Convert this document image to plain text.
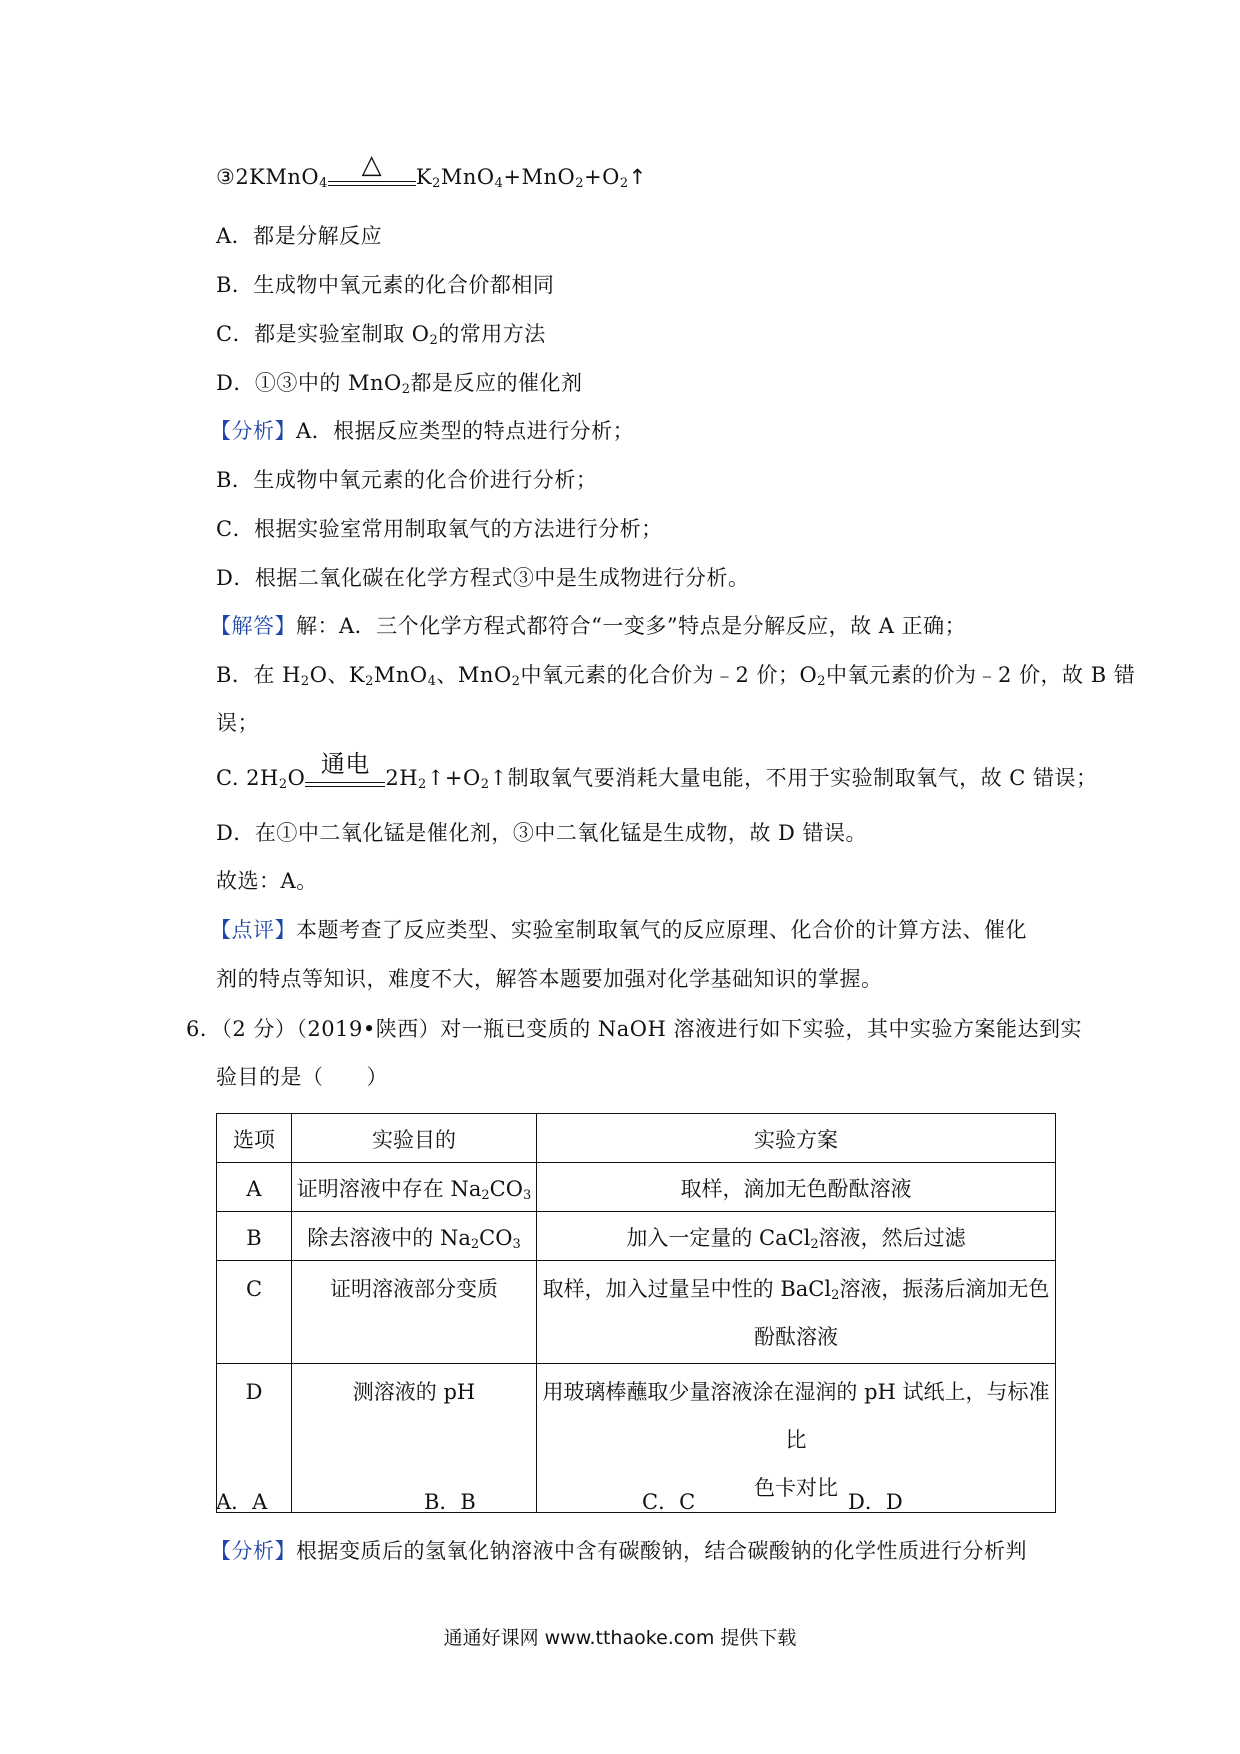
③2KMnO$_4$
△	$K_2MnO_4+MnO_2+O_2↑$
A．都是分解反应
B．生成物中氧元素的化合价都相同
C．都是实验室制取 $O_2$的常用方法
D．①③中的 MnO$_2$都是反应的催化剂
【分析】A．根据反应类型的特点进行分析；
B．生成物中氧元素的化合价进行分析；
C．根据实验室常用制取氧气的方法进行分析；
D．根据二氧化碳在化学方程式③中是生成物进行分析。
【解答】解：A．三个化学方程式都符合“一变多”特点是分解反应，故 A 正确；
B．在 $H_2O$、$K_2MnO_4$、MnO$_2$中氧元素的化合价为﹣2 价；$O_2$中氧元素的价为﹣2 价，故 B 错
误；
C. $2H_2O$
通电
$2H_2↑+O_2↑$制取氧气要消耗大量电能，不用于实验制取氧气，故 C 错误；
D．在①中二氧化锰是催化剂，③中二氧化锰是生成物，故 D 错误。
故选：A。
【点评】本题考查了反应类型、实验室制取氧气的反应原理、化合价的计算方法、催化
剂的特点等知识，难度不大，解答本题要加强对化学基础知识的掌握。
6．（2 分）（2019•陕西）对一瓶已变质的 NaOH 溶液进行如下实验，其中实验方案能达到实
验目的是（　　）
选项	实验目的	实验方案
A	证明溶液中存在 $Na_2CO_3$	取样，滴加无色酚酞溶液
B	除去溶液中的 $Na_2CO_3$	加入一定量的 CaCl$_2$溶液，然后过滤
C	证明溶液部分变质	取样，加入过量呈中性的 BaCl$_2$溶液，振荡后滴加无色
酚酞溶液
D	测溶液的 pH	用玻璃棒蘸取少量溶液涂在湿润的 pH 试纸上，与标准比
色卡对比
A．A	B．B	C．C	D．D
【分析】根据变质后的氢氧化钠溶液中含有碳酸钠，结合碳酸钠的化学性质进行分析判
通通好课网 www.tthaoke.com 提供下载
